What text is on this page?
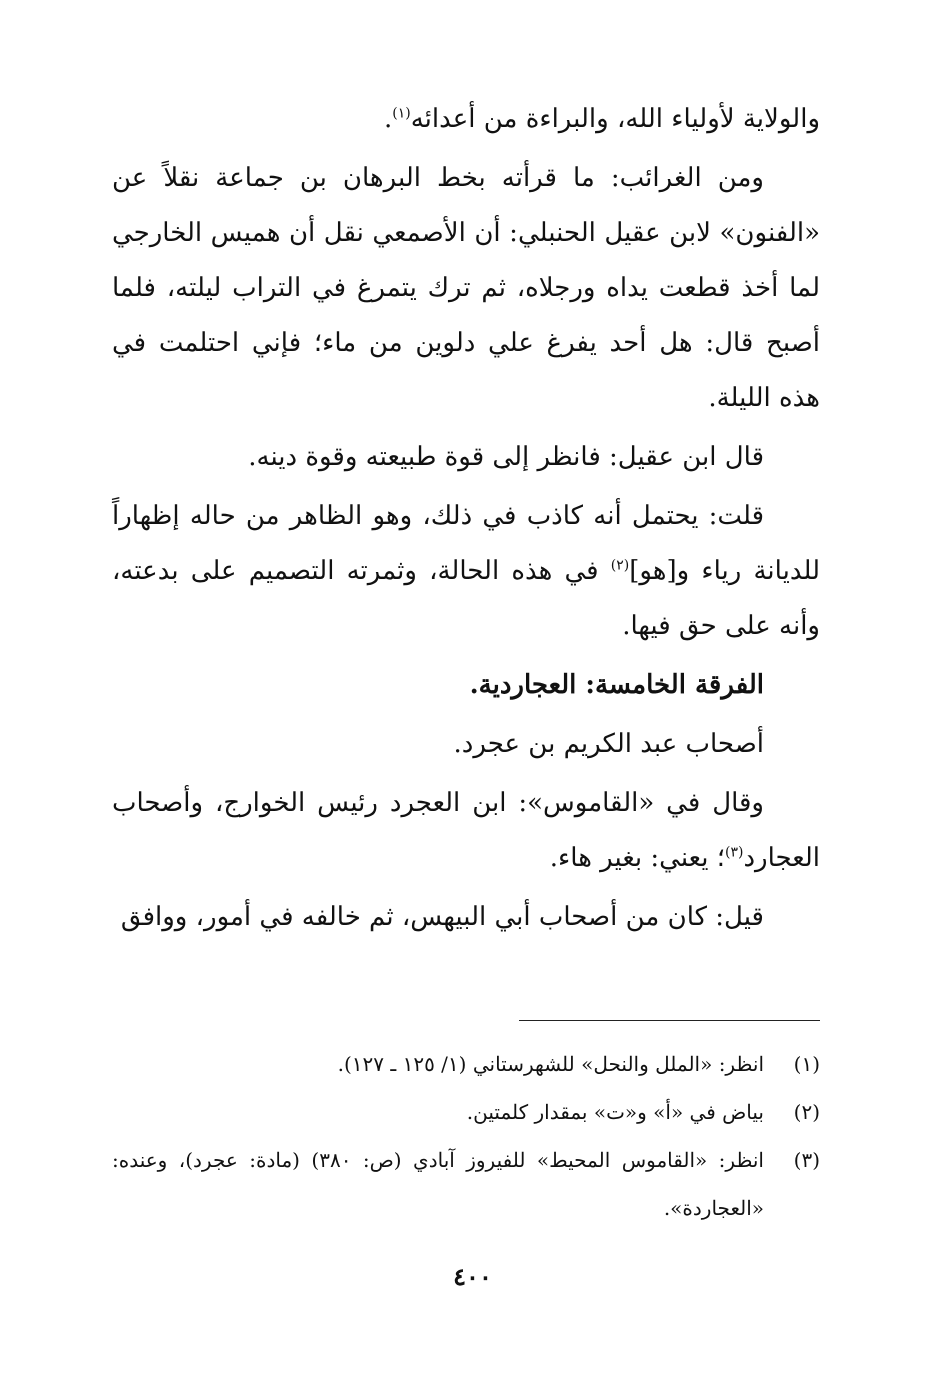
والولاية لأولياء الله، والبراءة من أعدائه$^{(١)}$.

ومن الغرائب: ما قرأته بخط البرهان بن جماعة نقلاً عن «الفنون» لابن عقيل الحنبلي: أن الأصمعي نقل أن هميس الخارجي لما أخذ قطعت يداه ورجلاه، ثم ترك يتمرغ في التراب ليلته، فلما أصبح قال: هل أحد يفرغ علي دلوين من ماء؛ فإني احتلمت في هذه الليلة.

قال ابن عقيل: فانظر إلى قوة طبيعته وقوة دينه.

قلت: يحتمل أنه كاذب في ذلك، وهو الظاهر من حاله إظهاراً للديانة رياء و[هو]$^{(٢)}$ في هذه الحالة، وثمرته التصميم على بدعته، وأنه على حق فيها.

الفرقة الخامسة: العجاردية.

أصحاب عبد الكريم بن عجرد.

وقال في «القاموس»: ابن العجرد رئيس الخوارج، وأصحاب العجارد$^{(٣)}$؛ يعني: بغير هاء.

قيل: كان من أصحاب أبي البيهس، ثم خالفه في أمور، ووافق

(١)
انظر: «الملل والنحل» للشهرستاني (١/ ١٢٥ ـ ١٢٧).
(٢)
بياض في «أ» و«ت» بمقدار كلمتين.
(٣)
انظر: «القاموس المحيط» للفيروز آبادي (ص: ٣٨٠) (مادة: عجرد)، وعنده: «العجاردة».
٤٠٠
